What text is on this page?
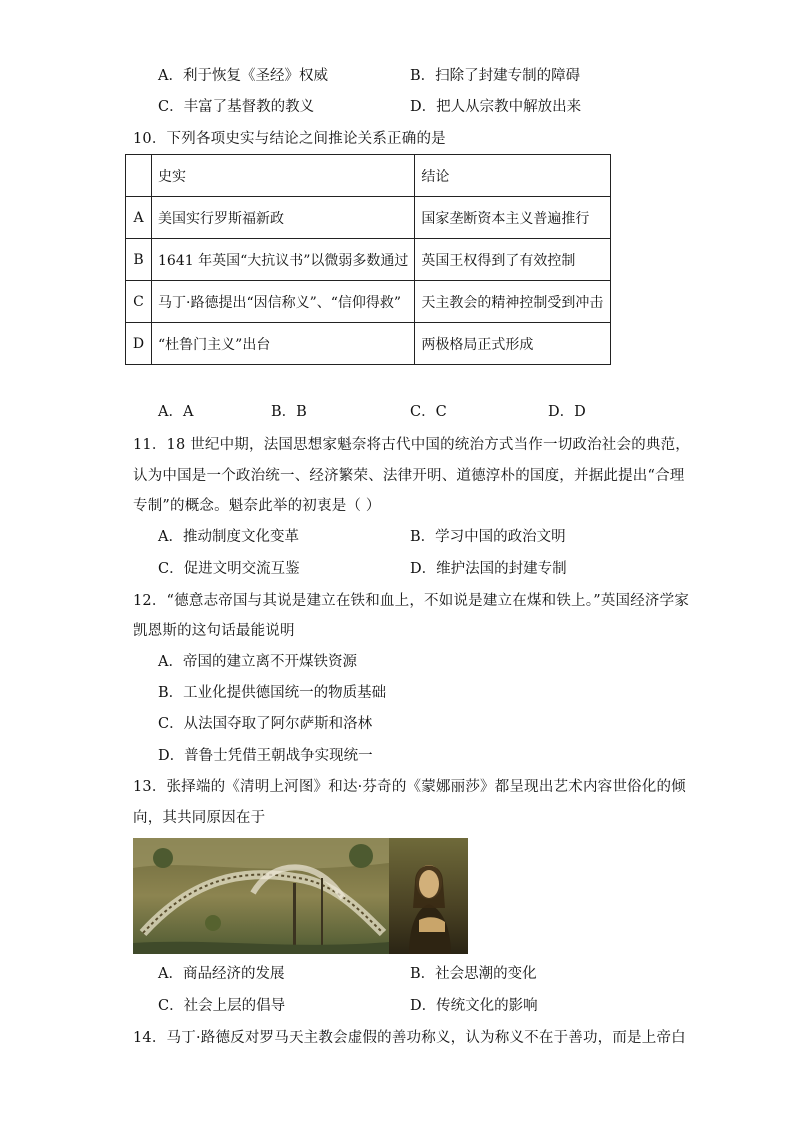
A．利于恢复《圣经》权威	B．扫除了封建专制的障碍
C．丰富了基督教的教义	D．把人从宗教中解放出来
10．下列各项史实与结论之间推论关系正确的是
	史实	结论
A	美国实行罗斯福新政	国家垄断资本主义普遍推行
B	1641 年英国“大抗议书”以微弱多数通过	英国王权得到了有效控制
C	马丁·路德提出“因信称义”、“信仰得救”	天主教会的精神控制受到冲击
D	“杜鲁门主义”出台	两极格局正式形成
A．A	B．B	C．C	D．D
11．18 世纪中期，法国思想家魁奈将古代中国的统治方式当作一切政治社会的典范，
认为中国是一个政治统一、经济繁荣、法律开明、道德淳朴的国度，并据此提出“合理
专制”的概念。魁奈此举的初衷是（ ）
A．推动制度文化变革	B．学习中国的政治文明
C．促进文明交流互鉴	D．维护法国的封建专制
12．“德意志帝国与其说是建立在铁和血上，不如说是建立在煤和铁上。”英国经济学家
凯恩斯的这句话最能说明
A．帝国的建立离不开煤铁资源
B．工业化提供德国统一的物质基础
C．从法国夺取了阿尔萨斯和洛林
D．普鲁士凭借王朝战争实现统一
13．张择端的《清明上河图》和达·芬奇的《蒙娜丽莎》都呈现出艺术内容世俗化的倾
向，其共同原因在于
A．商品经济的发展	B．社会思潮的变化
C．社会上层的倡导	D．传统文化的影响
14．马丁·路德反对罗马天主教会虚假的善功称义，认为称义不在于善功，而是上帝白
